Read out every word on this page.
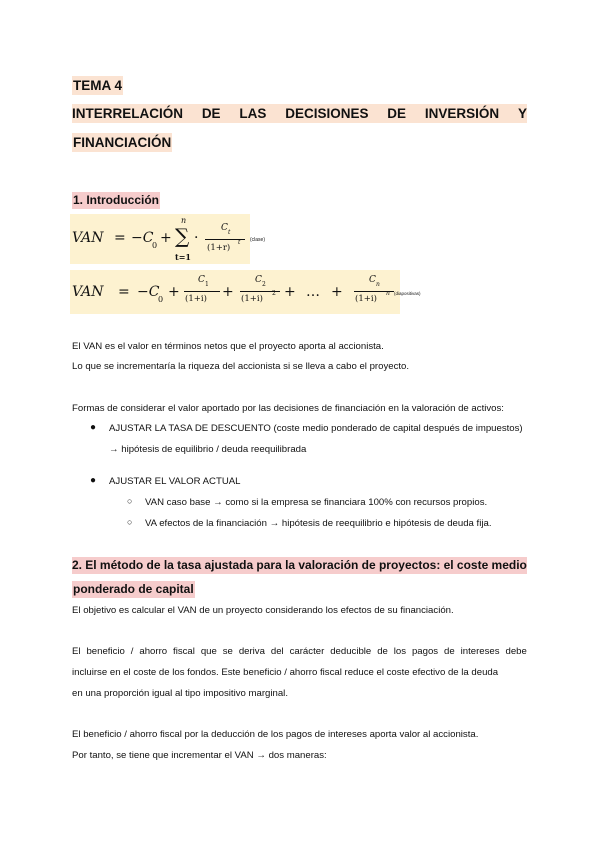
TEMA 4
INTERRELACIÓN DE LAS DECISIONES DE INVERSIÓN Y
FINANCIACIÓN
1. Introducción
VAN = −C
0 +
n
∑
t=1
·
C t
(1+r)
t (clase)
VAN = −C
0 +
C 1
(1+i) +
C 2
(1+i)
2 + … +
C n
(1+i)
n (diapositivas)
El VAN es el valor en términos netos que el proyecto aporta al accionista.
Lo que se incrementaría la riqueza del accionista si se lleva a cabo el proyecto.
Formas de considerar el valor aportado por las decisiones de financiación en la valoración de activos:
● AJUSTAR LA TASA DE DESCUENTO (coste medio ponderado de capital después de impuestos)
→ hipótesis de equilibrio / deuda reequilibrada
● AJUSTAR EL VALOR ACTUAL
○ VAN caso base → como si la empresa se financiara 100% con recursos propios.
○ VA efectos de la financiación → hipótesis de reequilibrio e hipótesis de deuda fija.
2. El método de la tasa ajustada para la valoración de proyectos: el coste medio
ponderado de capital
El objetivo es calcular el VAN de un proyecto considerando los efectos de su financiación.
El beneficio / ahorro fiscal que se deriva del carácter deducible de los pagos de intereses debe
incluirse en el coste de los fondos. Este beneficio / ahorro fiscal reduce el coste efectivo de la deuda
en una proporción igual al tipo impositivo marginal.
El beneficio / ahorro fiscal por la deducción de los pagos de intereses aporta valor al accionista.
Por tanto, se tiene que incrementar el VAN → dos maneras:
